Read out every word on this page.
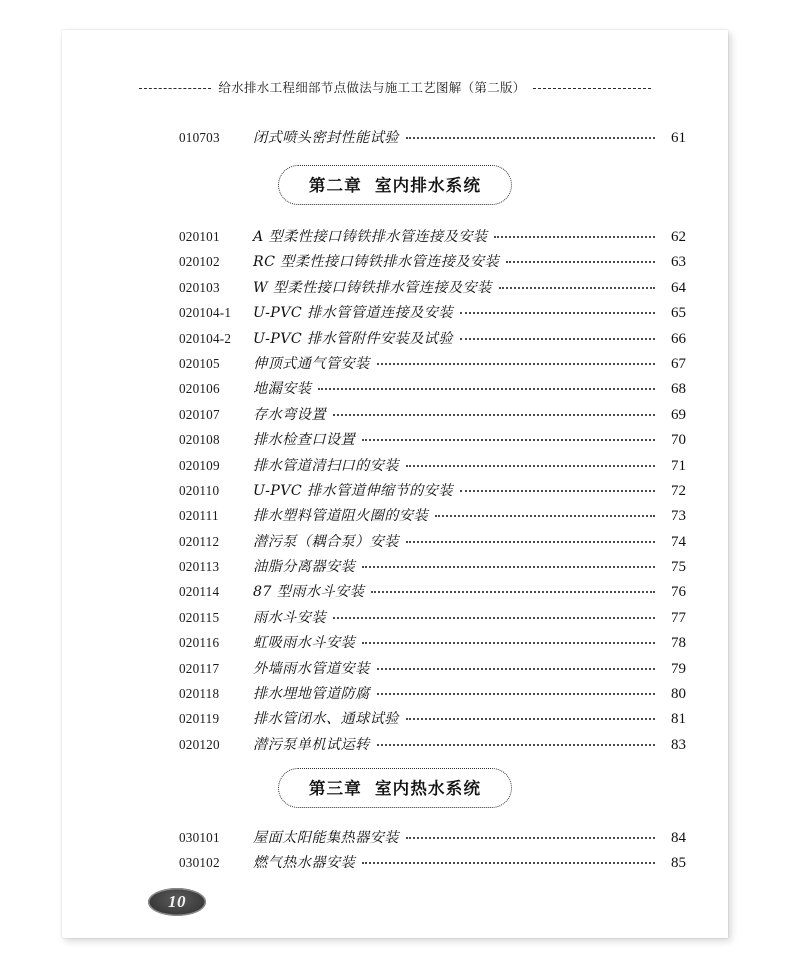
给水排水工程细部节点做法与施工工艺图解（第二版）
010703	闭式喷头密封性能试验	61
第二章 室内排水系统
020101	A 型柔性接口铸铁排水管连接及安装	62
020102	RC 型柔性接口铸铁排水管连接及安装	63
020103	W 型柔性接口铸铁排水管连接及安装	64
020104-1	U-PVC 排水管管道连接及安装	65
020104-2	U-PVC 排水管附件安装及试验	66
020105	伸顶式通气管安装	67
020106	地漏安装	68
020107	存水弯设置	69
020108	排水检查口设置	70
020109	排水管道清扫口的安装	71
020110	U-PVC 排水管道伸缩节的安装	72
020111	排水塑料管道阻火圈的安装	73
020112	潜污泵（耦合泵）安装	74
020113	油脂分离器安装	75
020114	87 型雨水斗安装	76
020115	雨水斗安装	77
020116	虹吸雨水斗安装	78
020117	外墙雨水管道安装	79
020118	排水埋地管道防腐	80
020119	排水管闭水、通球试验	81
020120	潜污泵单机试运转	83
第三章 室内热水系统
030101	屋面太阳能集热器安装	84
030102	燃气热水器安装	85
10
